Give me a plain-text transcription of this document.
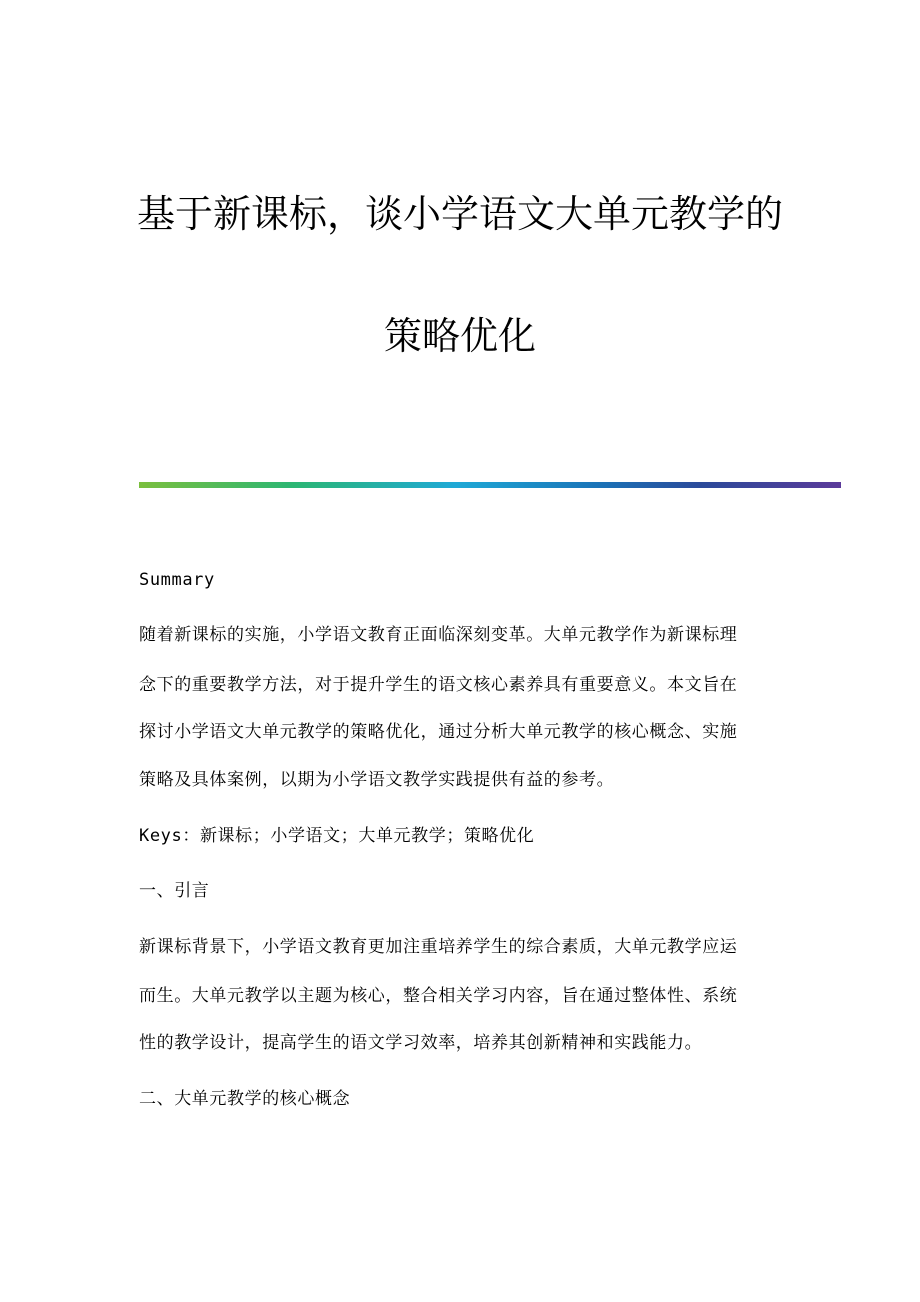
基于新课标，谈小学语文大单元教学的
策略优化
Summary
随着新课标的实施，小学语文教育正面临深刻变革。大单元教学作为新课标理
念下的重要教学方法，对于提升学生的语文核心素养具有重要意义。本文旨在
探讨小学语文大单元教学的策略优化，通过分析大单元教学的核心概念、实施
策略及具体案例，以期为小学语文教学实践提供有益的参考。
Keys：新课标；小学语文；大单元教学；策略优化
一、引言
新课标背景下，小学语文教育更加注重培养学生的综合素质，大单元教学应运
而生。大单元教学以主题为核心，整合相关学习内容，旨在通过整体性、系统
性的教学设计，提高学生的语文学习效率，培养其创新精神和实践能力。
二、大单元教学的核心概念
